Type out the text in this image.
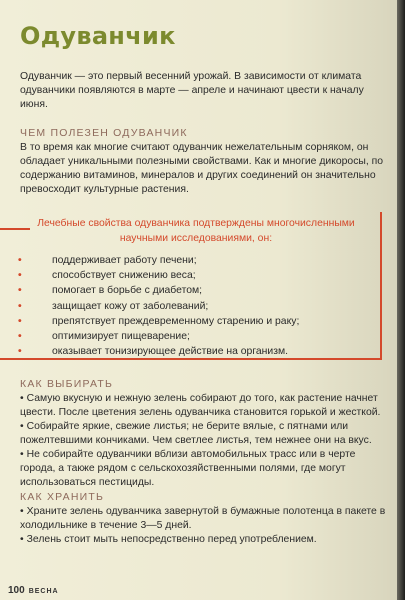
Одуванчик
Одуванчик — это первый весенний урожай. В зависимости от климата одуванчики появляются в марте — апреле и начинают цвести к началу июня.
ЧЕМ ПОЛЕЗЕН ОДУВАНЧИК
В то время как многие считают одуванчик нежелательным сорняком, он обладает уникальными полезными свойствами. Как и многие дикоросы, по содержанию витаминов, минералов и других соединений он значительно превосходит культурные растения.
Лечебные свойства одуванчика подтверждены многочисленными научными исследованиями, он:
•	поддерживает работу печени;
•	способствует снижению веса;
•	помогает в борьбе с диабетом;
•	защищает кожу от заболеваний;
•	препятствует преждевременному старению и раку;
•	оптимизирует пищеварение;
•	оказывает тонизирующее действие на организм.
КАК ВЫБИРАТЬ
• Самую вкусную и нежную зелень собирают до того, как растение начнет цвести. После цветения зелень одуванчика становится горькой и жесткой.
• Собирайте яркие, свежие листья; не берите вялые, с пятнами или пожелтевшими кончиками. Чем светлее листья, тем нежнее они на вкус.
• Не собирайте одуванчики вблизи автомобильных трасс или в черте города, а также рядом с сельскохозяйственными полями, где могут использоваться пестициды.
КАК ХРАНИТЬ
• Храните зелень одуванчика завернутой в бумажные полотенца в пакете в холодильнике в течение 3—5 дней.
• Зелень стоит мыть непосредственно перед употреблением.
100 ВЕСНА
